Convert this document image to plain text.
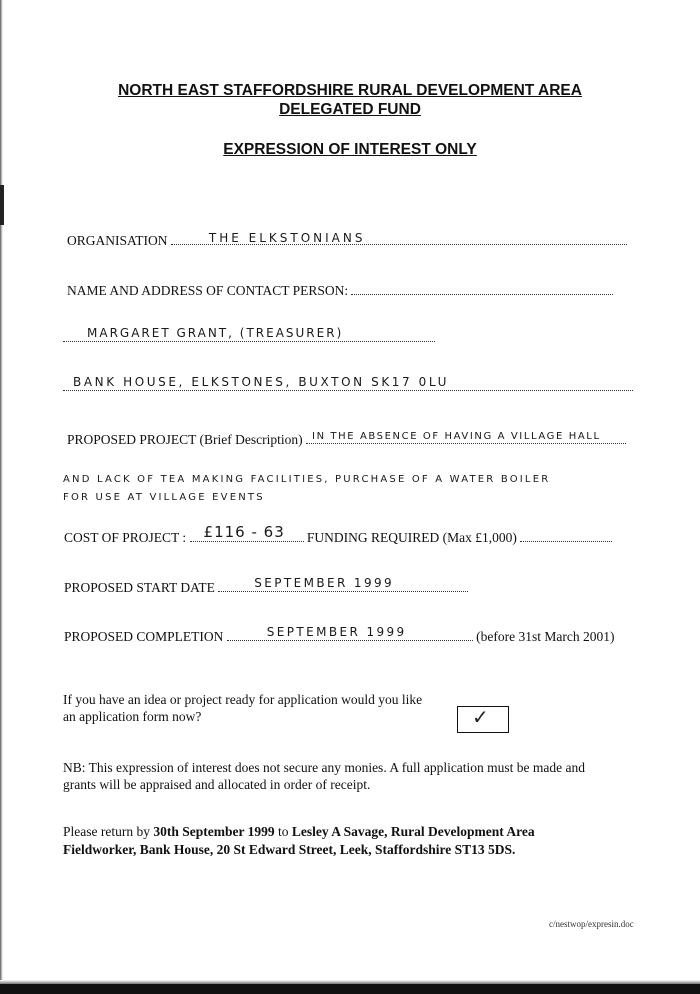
NORTH EAST STAFFORDSHIRE RURAL DEVELOPMENT AREA
DELEGATED FUND
EXPRESSION OF INTEREST ONLY
ORGANISATION	THE ELKSTONIANS
NAME AND ADDRESS OF CONTACT PERSON:
MARGARET GRANT, (TREASURER)
BANK HOUSE, ELKSTONES, BUXTON SK17 0LU
PROPOSED PROJECT (Brief Description) IN THE ABSENCE OF HAVING A VILLAGE HALL
AND LACK OF TEA MAKING FACILITIES, PURCHASE OF A WATER BOILER
FOR USE AT VILLAGE EVENTS
COST OF PROJECT : £116 - 63 FUNDING REQUIRED (Max £1,000)
PROPOSED START DATE	SEPTEMBER 1999
PROPOSED COMPLETION	SEPTEMBER 1999	(before 31st March 2001)
If you have an idea or project ready for application would you like
an application form now?	✓
NB: This expression of interest does not secure any monies. A full application must be made and
grants will be appraised and allocated in order of receipt.
Please return by 30th September 1999 to Lesley A Savage, Rural Development Area
Fieldworker, Bank House, 20 St Edward Street, Leek, Staffordshire ST13 5DS.
c/nestwop/expresin.doc
